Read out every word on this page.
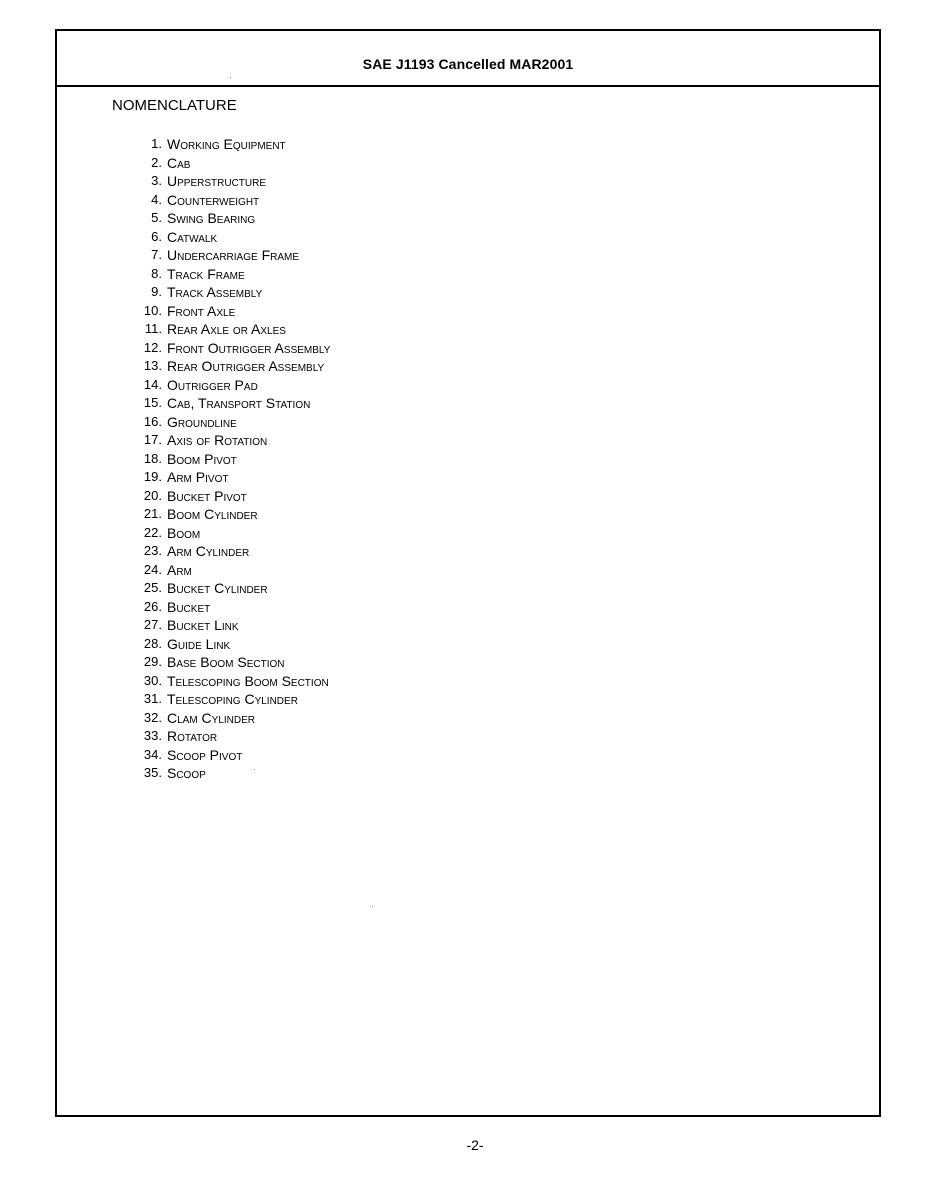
SAE J1193 Cancelled MAR2001
NOMENCLATURE
1. Working Equipment
2. Cab
3. Upperstructure
4. Counterweight
5. Swing Bearing
6. Catwalk
7. Undercarriage Frame
8. Track Frame
9. Track Assembly
10. Front Axle
11. Rear Axle or Axles
12. Front Outrigger Assembly
13. Rear Outrigger Assembly
14. Outrigger Pad
15. Cab, Transport Station
16. Groundline
17. Axis of Rotation
18. Boom Pivot
19. Arm Pivot
20. Bucket Pivot
21. Boom Cylinder
22. Boom
23. Arm Cylinder
24. Arm
25. Bucket Cylinder
26. Bucket
27. Bucket Link
28. Guide Link
29. Base Boom Section
30. Telescoping Boom Section
31. Telescoping Cylinder
32. Clam Cylinder
33. Rotator
34. Scoop Pivot
35. Scoop
-2-
